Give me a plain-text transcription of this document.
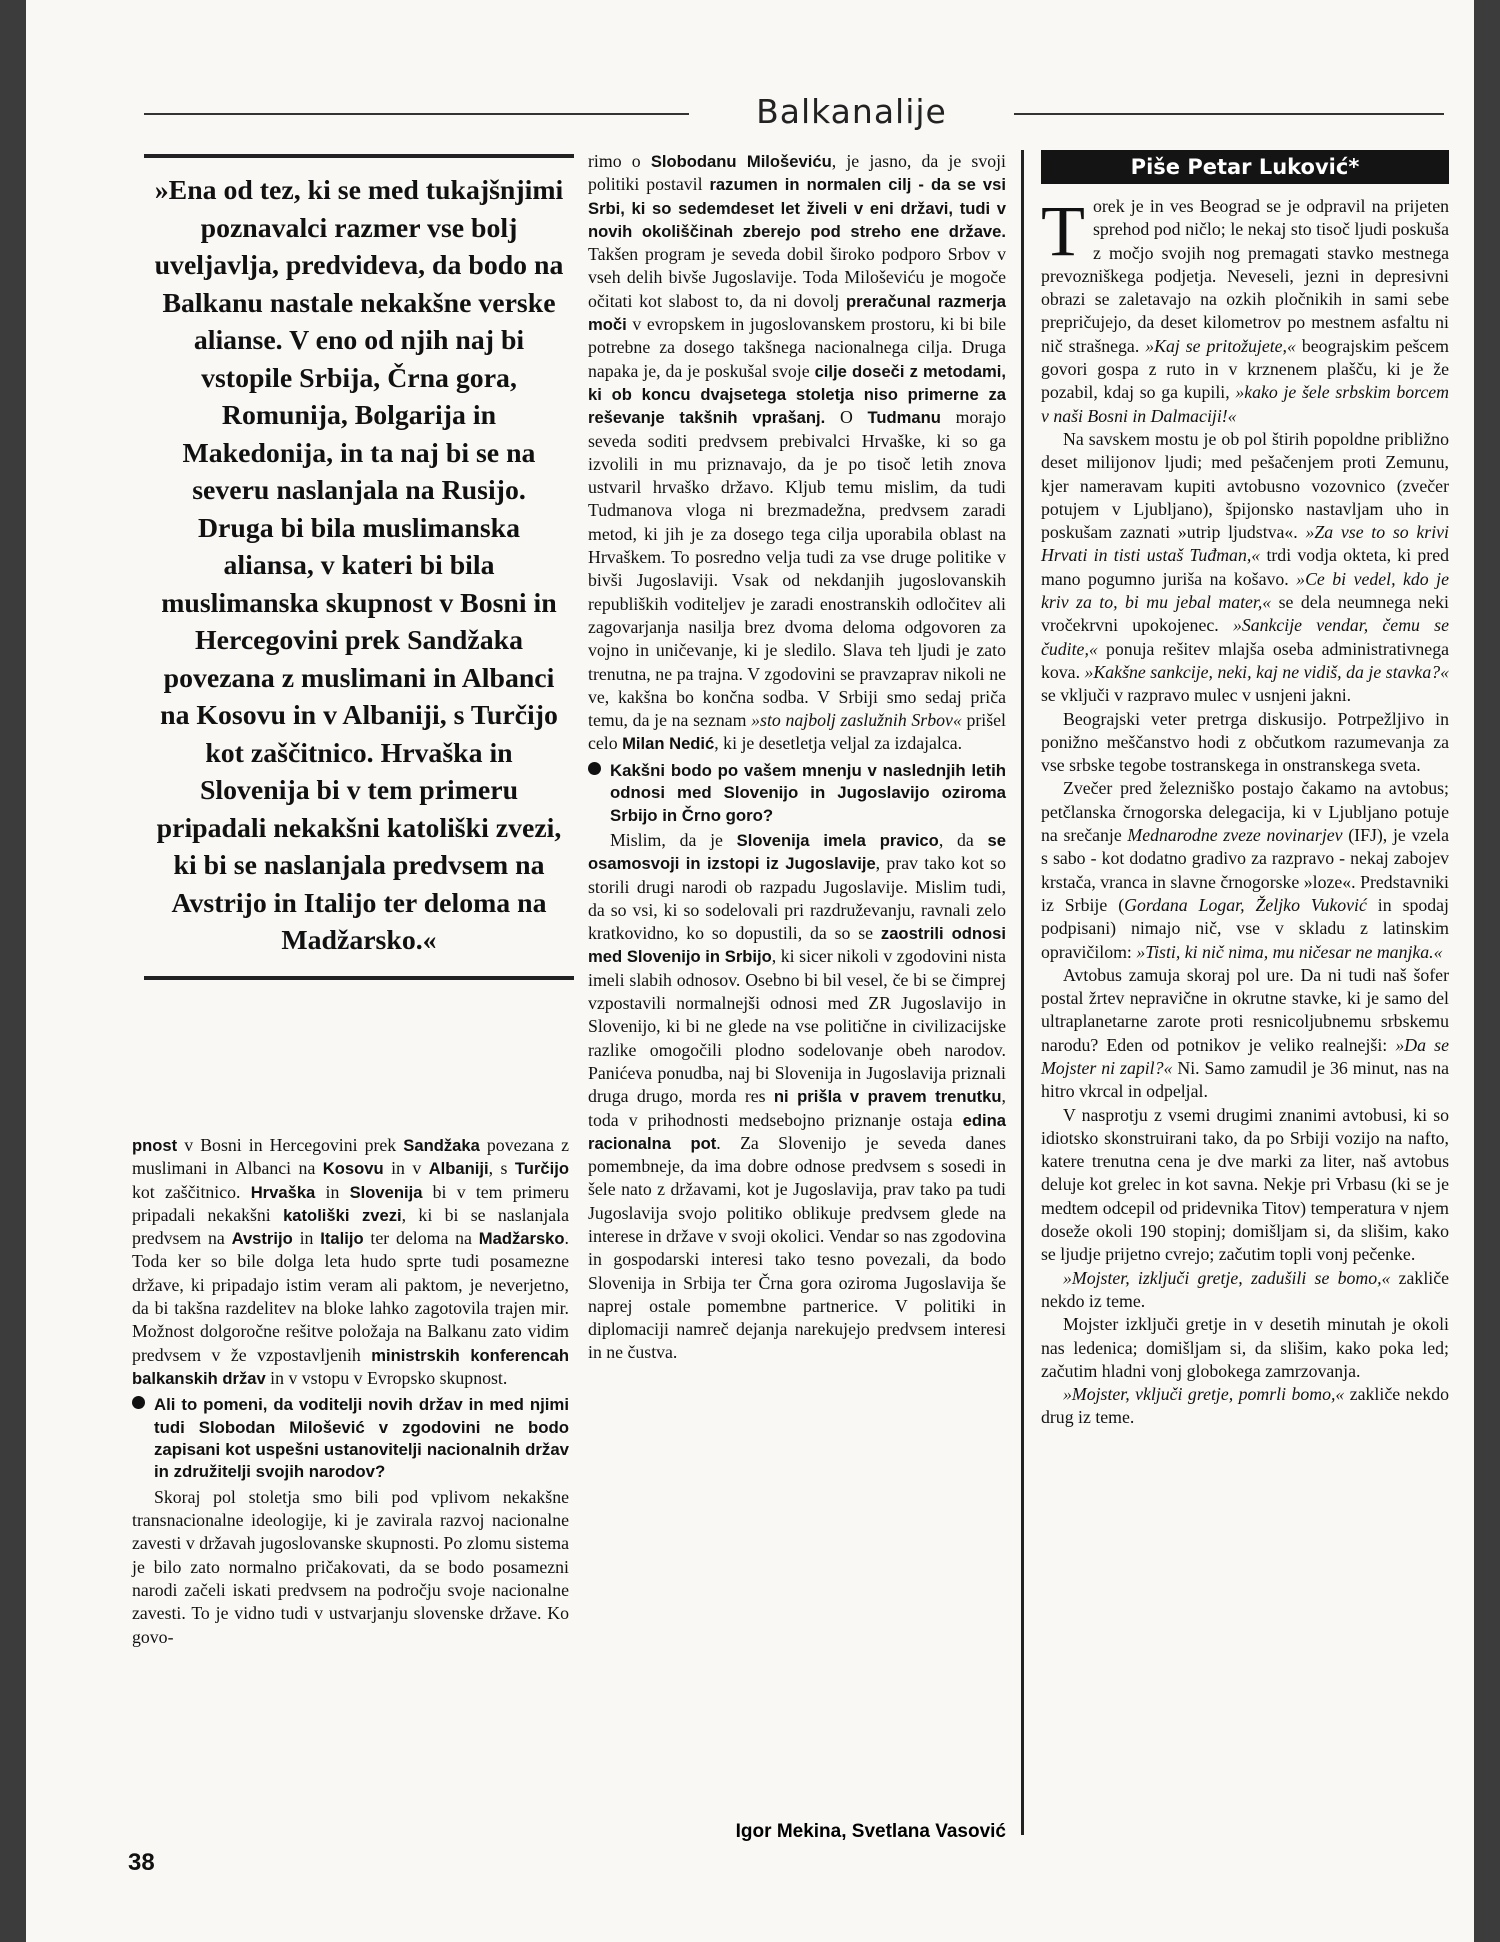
Balkanalije

»Ena od tez, ki se med tukajšnjimi poznavalci razmer vse bolj uveljavlja, predvideva, da bodo na Balkanu nastale nekakšne verske alianse. V eno od njih naj bi vstopile Srbija, Črna gora, Romunija, Bolgarija in Makedonija, in ta naj bi se na severu naslanjala na Rusijo. Druga bi bila muslimanska aliansa, v kateri bi bila muslimanska skupnost v Bosni in Hercegovini prek Sandžaka povezana z muslimani in Albanci na Kosovu in v Albaniji, s Turčijo kot zaščitnico. Hrvaška in Slovenija bi v tem primeru pripadali nekakšni katoliški zvezi, ki bi se naslanjala predvsem na Avstrijo in Italijo ter deloma na Madžarsko.«

pnost v Bosni in Hercegovini prek Sandžaka povezana z muslimani in Albanci na Kosovu in v Albaniji, s Turčijo kot zaščitnico. Hrvaška in Slovenija bi v tem primeru pripadali nekakšni katoliški zvezi, ki bi se naslanjala predvsem na Avstrijo in Italijo ter deloma na Madžarsko. Toda ker so bile dolga leta hudo sprte tudi posamezne države, ki pripadajo istim veram ali paktom, je neverjetno, da bi takšna razdelitev na bloke lahko zagotovila trajen mir. Možnost dolgoročne rešitve položaja na Balkanu zato vidim predvsem v že vzpostavljenih ministrskih konferencah balkanskih držav in v vstopu v Evropsko skupnost.

Ali to pomeni, da voditelji novih držav in med njimi tudi Slobodan Milošević v zgodovini ne bodo zapisani kot uspešni ustanovitelji nacionalnih držav in združitelji svojih narodov?

Skoraj pol stoletja smo bili pod vplivom nekakšne transnacionalne ideologije, ki je zavirala razvoj nacionalne zavesti v državah jugoslovanske skupnosti. Po zlomu sistema je bilo zato normalno pričakovati, da se bodo posamezni narodi začeli iskati predvsem na področju svoje nacionalne zavesti. To je vidno tudi v ustvarjanju slovenske države. Ko govo-

rimo o Slobodanu Miloševiću, je jasno, da je svoji politiki postavil razumen in normalen cilj - da se vsi Srbi, ki so sedemdeset let živeli v eni državi, tudi v novih okoliščinah zberejo pod streho ene države. Takšen program je seveda dobil široko podporo Srbov v vseh delih bivše Jugoslavije. Toda Miloševiću je mogoče očitati kot slabost to, da ni dovolj preračunal razmerja moči v evropskem in jugoslovanskem prostoru, ki bi bile potrebne za dosego takšnega nacionalnega cilja. Druga napaka je, da je poskušal svoje cilje doseči z metodami, ki ob koncu dvajsetega stoletja niso primerne za reševanje takšnih vprašanj. O Tudmanu morajo seveda soditi predvsem prebivalci Hrvaške, ki so ga izvolili in mu priznavajo, da je po tisoč letih znova ustvaril hrvaško državo. Kljub temu mislim, da tudi Tudmanova vloga ni brezmadežna, predvsem zaradi metod, ki jih je za dosego tega cilja uporabila oblast na Hrvaškem. To posredno velja tudi za vse druge politike v bivši Jugoslaviji. Vsak od nekdanjih jugoslovanskih republiških voditeljev je zaradi enostranskih odločitev ali zagovarjanja nasilja brez dvoma deloma odgovoren za vojno in uničevanje, ki je sledilo. Slava teh ljudi je zato trenutna, ne pa trajna. V zgodovini se pravzaprav nikoli ne ve, kakšna bo končna sodba. V Srbiji smo sedaj priča temu, da je na seznam »sto najbolj zaslužnih Srbov« prišel celo Milan Nedić, ki je desetletja veljal za izdajalca.

Kakšni bodo po vašem mnenju v naslednjih letih odnosi med Slovenijo in Jugoslavijo oziroma Srbijo in Črno goro?

Mislim, da je Slovenija imela pravico, da se osamosvoji in izstopi iz Jugoslavije, prav tako kot so storili drugi narodi ob razpadu Jugoslavije. Mislim tudi, da so vsi, ki so sodelovali pri razdruževanju, ravnali zelo kratkovidno, ko so dopustili, da so se zaostrili odnosi med Slovenijo in Srbijo, ki sicer nikoli v zgodovini nista imeli slabih odnosov. Osebno bi bil vesel, če bi se čimprej vzpostavili normalnejši odnosi med ZR Jugoslavijo in Slovenijo, ki bi ne glede na vse politične in civilizacijske razlike omogočili plodno sodelovanje obeh narodov. Panićeva ponudba, naj bi Slovenija in Jugoslavija priznali druga drugo, morda res ni prišla v pravem trenutku, toda v prihodnosti medsebojno priznanje ostaja edina racionalna pot. Za Slovenijo je seveda danes pomembneje, da ima dobre odnose predvsem s sosedi in šele nato z državami, kot je Jugoslavija, prav tako pa tudi Jugoslavija svojo politiko oblikuje predvsem glede na interese in države v svoji okolici. Vendar so nas zgodovina in gospodarski interesi tako tesno povezali, da bodo Slovenija in Srbija ter Črna gora oziroma Jugoslavija še naprej ostale pomembne partnerice. V politiki in diplomaciji namreč dejanja narekujejo predvsem interesi in ne čustva.

Igor Mekina, Svetlana Vasović
Piše Petar Luković*

Torek je in ves Beograd se je odpravil na prijeten sprehod pod ničlo; le nekaj sto tisoč ljudi poskuša z močjo svojih nog premagati stavko mestnega prevozniškega podjetja. Neveseli, jezni in depresivni obrazi se zaletavajo na ozkih pločnikih in sami sebe prepričujejo, da deset kilometrov po mestnem asfaltu ni nič strašnega. »Kaj se pritožujete,« beograjskim pešcem govori gospa z ruto in v krznenem plašču, ki je že pozabil, kdaj so ga kupili, »kako je šele srbskim borcem v naši Bosni in Dalmaciji!«

Na savskem mostu je ob pol štirih popoldne približno deset milijonov ljudi; med pešačenjem proti Zemunu, kjer nameravam kupiti avtobusno vozovnico (zvečer potujem v Ljubljano), špijonsko nastavljam uho in poskušam zaznati »utrip ljudstva«. »Za vse to so krivi Hrvati in tisti ustaš Tuđman,« trdi vodja okteta, ki pred mano pogumno juriša na košavo. »Ce bi vedel, kdo je kriv za to, bi mu jebal mater,« se dela neumnega neki vročekrvni upokojenec. »Sankcije vendar, čemu se čudite,« ponuja rešitev mlajša oseba administrativnega kova. »Kakšne sankcije, neki, kaj ne vidiš, da je stavka?« se vključi v razpravo mulec v usnjeni jakni.

Beograjski veter pretrga diskusijo. Potrpežljivo in ponižno meščanstvo hodi z občutkom razumevanja za vse srbske tegobe tostranskega in onstranskega sveta.

Zvečer pred železniško postajo čakamo na avtobus; petčlanska črnogorska delegacija, ki v Ljubljano potuje na srečanje Mednarodne zveze novinarjev (IFJ), je vzela s sabo - kot dodatno gradivo za razpravo - nekaj zabojev krstača, vranca in slavne črnogorske »loze«. Predstavniki iz Srbije (Gordana Logar, Željko Vuković in spodaj podpisani) nimajo nič, vse v skladu z latinskim opravičilom: »Tisti, ki nič nima, mu ničesar ne manjka.«

Avtobus zamuja skoraj pol ure. Da ni tudi naš šofer postal žrtev nepravične in okrutne stavke, ki je samo del ultraplanetarne zarote proti resnicoljubnemu srbskemu narodu? Eden od potnikov je veliko realnejši: »Da se Mojster ni zapil?« Ni. Samo zamudil je 36 minut, nas na hitro vkrcal in odpeljal.

V nasprotju z vsemi drugimi znanimi avtobusi, ki so idiotsko skonstruirani tako, da po Srbiji vozijo na nafto, katere trenutna cena je dve marki za liter, naš avtobus deluje kot grelec in kot savna. Nekje pri Vrbasu (ki se je medtem odcepil od pridevnika Titov) temperatura v njem doseže okoli 190 stopinj; domišljam si, da slišim, kako se ljudje prijetno cvrejo; začutim topli vonj pečenke.

»Mojster, izključi gretje, zadušili se bomo,« zakliče nekdo iz teme.

Mojster izključi gretje in v desetih minutah je okoli nas ledenica; domišljam si, da slišim, kako poka led; začutim hladni vonj globokega zamrzovanja.

»Mojster, vključi gretje, pomrli bomo,« zakliče nekdo drug iz teme.

38
